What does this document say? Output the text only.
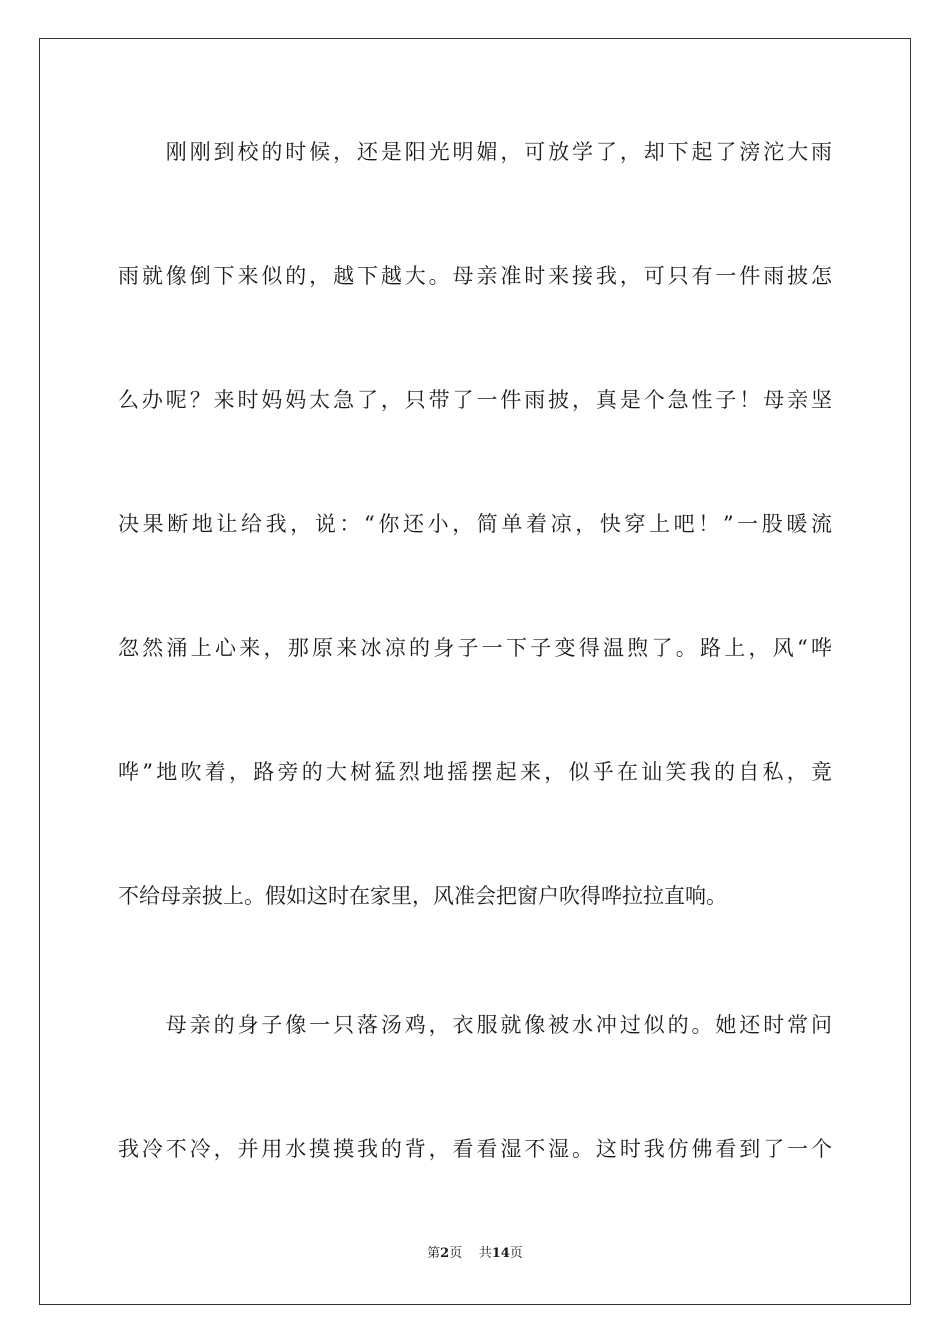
　　刚刚到校的时候，还是阳光明媚，可放学了，却下起了滂沱大雨
雨就像倒下来似的，越下越大。母亲准时来接我，可只有一件雨披怎
么办呢？来时妈妈太急了，只带了一件雨披，真是个急性子！母亲坚
决果断地让给我，说：“你还小，简单着凉，快穿上吧！”一股暖流
忽然涌上心来，那原来冰凉的身子一下子变得温煦了。路上，风“哗
哗”地吹着，路旁的大树猛烈地摇摆起来，似乎在讪笑我的自私，竟
不给母亲披上。假如这时在家里，风准会把窗户吹得哗拉拉直响。
　　母亲的身子像一只落汤鸡，衣服就像被水冲过似的。她还时常问
我冷不冷，并用水摸摸我的背，看看湿不湿。这时我仿佛看到了一个
第2页 共14页
